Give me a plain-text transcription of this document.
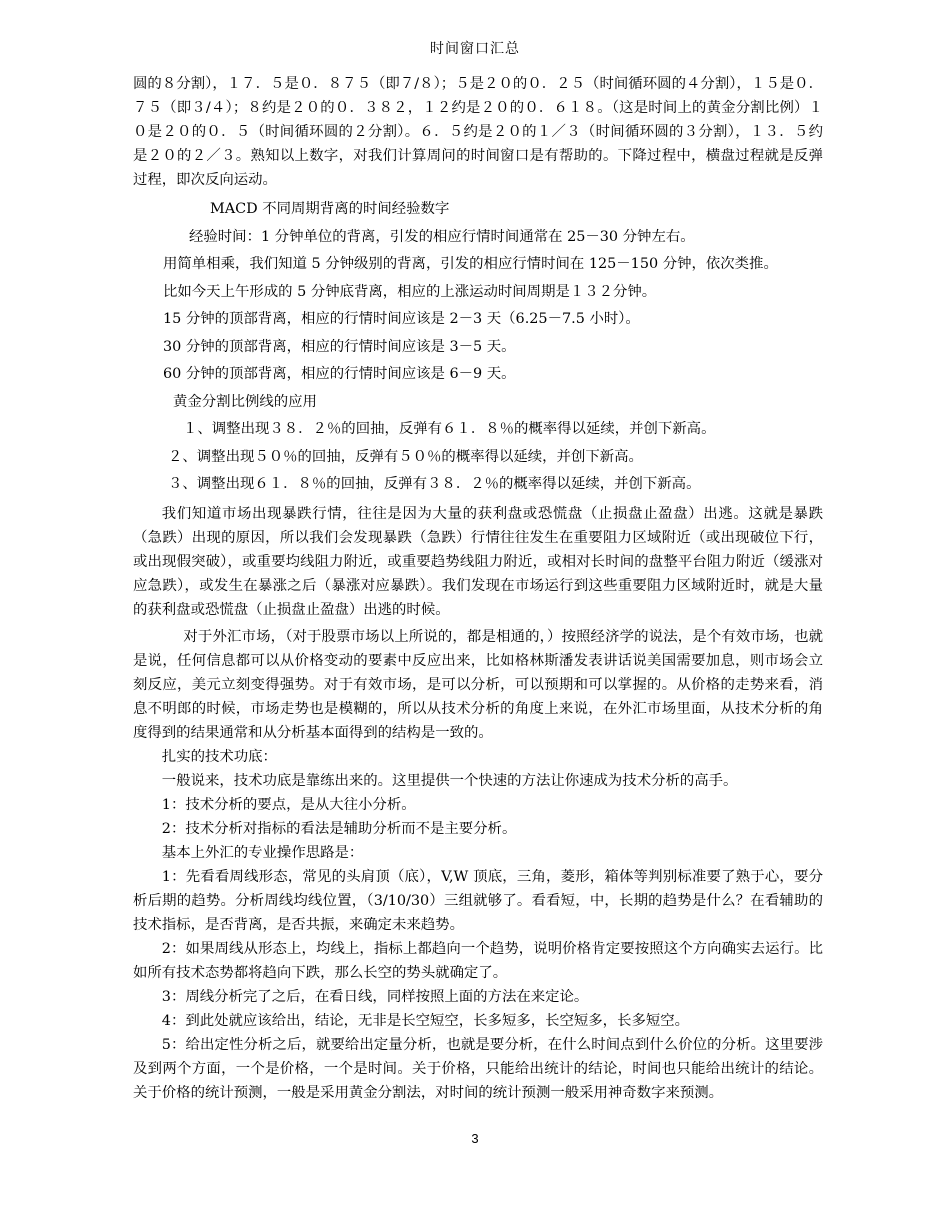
时间窗口汇总

圆的８分割），１７．５是０．８７５（即７/８）；５是２０的０．２５（时间循环圆的４分割），１５是０．７５（即３/４）；８约是２０的０．３８２，１２约是２０的０．６１８。（这是时间上的黄金分割比例）１０是２０的０．５（时间循环圆的２分割）。６．５约是２０的１／３（时间循环圆的３分割），１３．５约是２０的２／３。熟知以上数字，对我们计算周问的时间窗口是有帮助的。下降过程中，横盘过程就是反弹过程，即次反向运动。

MACD 不同周期背离的时间经验数字

经验时间：1 分钟单位的背离，引发的相应行情时间通常在 25－30 分钟左右。

用简单相乘，我们知道 5 分钟级别的背离，引发的相应行情时间在 125－150 分钟，依次类推。

比如今天上午形成的 5 分钟底背离，相应的上涨运动时间周期是１３２分钟。

15 分钟的顶部背离，相应的行情时间应该是 2－3 天（6.25－7.5 小时）。

30 分钟的顶部背离，相应的行情时间应该是 3－5 天。

60 分钟的顶部背离，相应的行情时间应该是 6－9 天。

黄金分割比例线的应用

１、调整出现３８．２％的回抽，反弹有６１．８％的概率得以延续，并创下新高。

２、调整出现５０％的回抽，反弹有５０％的概率得以延续，并创下新高。

３、调整出现６１．８％的回抽，反弹有３８．２％的概率得以延续，并创下新高。

我们知道市场出现暴跌行情，往往是因为大量的获利盘或恐慌盘（止损盘止盈盘）出逃。这就是暴跌（急跌）出现的原因，所以我们会发现暴跌（急跌）行情往往发生在重要阻力区域附近（或出现破位下行，或出现假突破），或重要均线阻力附近，或重要趋势线阻力附近，或相对长时间的盘整平台阻力附近（缓涨对应急跌），或发生在暴涨之后（暴涨对应暴跌）。我们发现在市场运行到这些重要阻力区域附近时，就是大量的获利盘或恐慌盘（止损盘止盈盘）出逃的时候。

对于外汇市场，（对于股票市场以上所说的，都是相通的，）按照经济学的说法，是个有效市场，也就是说，任何信息都可以从价格变动的要素中反应出来，比如格林斯潘发表讲话说美国需要加息，则市场会立刻反应，美元立刻变得强势。对于有效市场，是可以分析，可以预期和可以掌握的。从价格的走势来看，消息不明郎的时候，市场走势也是模糊的，所以从技术分析的角度上来说，在外汇市场里面，从技术分析的角度得到的结果通常和从分析基本面得到的结构是一致的。

扎实的技术功底：

一般说来，技术功底是靠练出来的。这里提供一个快速的方法让你速成为技术分析的高手。

1：技术分析的要点，是从大往小分析。

2：技术分析对指标的看法是辅助分析而不是主要分析。

基本上外汇的专业操作思路是：

1：先看看周线形态，常见的头肩顶（底），V,W 顶底，三角，菱形，箱体等判别标准要了熟于心，要分析后期的趋势。分析周线均线位置，（3/10/30）三组就够了。看看短，中，长期的趋势是什么？在看辅助的技术指标，是否背离，是否共振，来确定未来趋势。

2：如果周线从形态上，均线上，指标上都趋向一个趋势，说明价格肯定要按照这个方向确实去运行。比如所有技术态势都将趋向下跌，那么长空的势头就确定了。

3：周线分析完了之后，在看日线，同样按照上面的方法在来定论。

4：到此处就应该给出，结论，无非是长空短空，长多短多，长空短多，长多短空。

5：给出定性分析之后，就要给出定量分析，也就是要分析，在什么时间点到什么价位的分析。这里要涉及到两个方面，一个是价格，一个是时间。关于价格，只能给出统计的结论，时间也只能给出统计的结论。关于价格的统计预测，一般是采用黄金分割法，对时间的统计预测一般采用神奇数字来预测。

3
